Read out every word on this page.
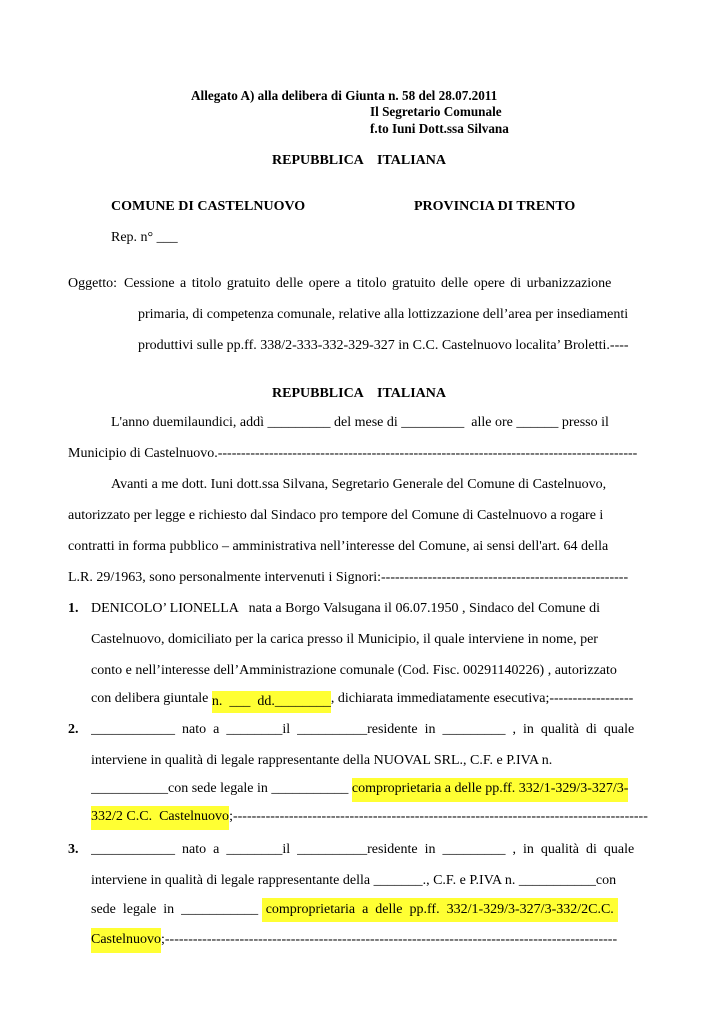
Allegato A) alla delibera di Giunta n. 58 del 28.07.2011
Il Segretario Comunale
f.to Iuni Dott.ssa Silvana
REPUBBLICA    ITALIANA
COMUNE DI CASTELNUOVO	PROVINCIA DI TRENTO
Rep. n° ___
Oggetto: Cessione a titolo gratuito delle opere a titolo gratuito delle opere di urbanizzazione
primaria, di competenza comunale, relative alla lottizzazione dell’area per insediamenti
produttivi sulle pp.ff. 338/2-333-332-329-327 in C.C. Castelnuovo localita’ Broletti.----
REPUBBLICA    ITALIANA
L'anno duemilaundici, addì _________ del mese di _________  alle ore ______ presso il
Municipio di Castelnuovo.------------------------------------------------------------------------------------------
Avanti a me dott. Iuni dott.ssa Silvana, Segretario Generale del Comune di Castelnuovo,
autorizzato per legge e richiesto dal Sindaco pro tempore del Comune di Castelnuovo a rogare i
contratti in forma pubblico – amministrativa nell’interesse del Comune, ai sensi dell'art. 64 della
L.R. 29/1963, sono personalmente intervenuti i Signori:-----------------------------------------------------
1. DENICOLO’ LIONELLA   nata a Borgo Valsugana il 06.07.1950 , Sindaco del Comune di
Castelnuovo, domiciliato per la carica presso il Municipio, il quale interviene in nome, per
conto e nell’interesse dell’Amministrazione comunale (Cod. Fisc. 00291140226) , autorizzato
con delibera giuntale n.  ___  dd.________ , dichiarata immediatamente esecutiva;------------------
2. ____________  nato  a  ________il  __________residente  in  _________  ,  in  qualità  di  quale
interviene in qualità di legale rappresentante della NUOVAL SRL., C.F. e P.IVA n.
___________con sede legale in ___________ comproprietaria a delle pp.ff. 332/1-329/3-327/3-
332/2 C.C.  Castelnuovo ;-----------------------------------------------------------------------------------------
3. ____________  nato  a  ________il  __________residente  in  _________  ,  in  qualità  di  quale
interviene in qualità di legale rappresentante della _______., C.F. e P.IVA n. ___________con
sede  legale  in  ___________ comproprietaria  a  delle  pp.ff.  332/1-329/3-327/3-332/2C.C.
Castelnuovo ;-------------------------------------------------------------------------------------------------
